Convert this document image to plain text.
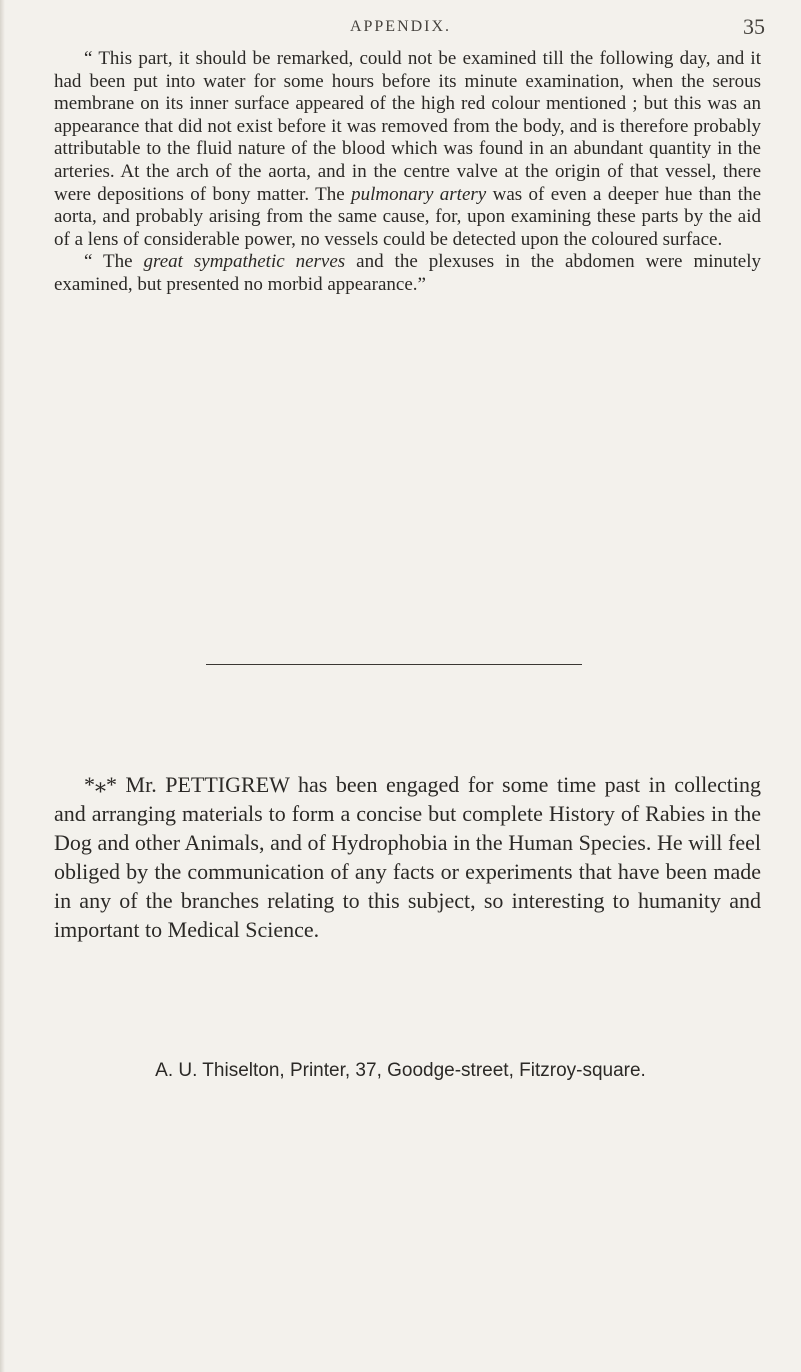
APPENDIX.	35

“ This part, it should be remarked, could not be examined till the following day, and it had been put into water for some hours before its minute examination, when the serous membrane on its inner surface appeared of the high red colour mentioned ; but this was an appearance that did not exist before it was removed from the body, and is therefore probably attributable to the fluid nature of the blood which was found in an abundant quantity in the arteries. At the arch of the aorta, and in the centre valve at the origin of that vessel, there were depositions of bony matter. The pulmonary artery was of even a deeper hue than the aorta, and probably arising from the same cause, for, upon examining these parts by the aid of a lens of considerable power, no vessels could be detected upon the coloured surface.

“ The great sympathetic nerves and the plexuses in the abdomen were minutely examined, but presented no morbid appearance.”

*⁎* Mr. PETTIGREW has been engaged for some time past in collecting and arranging materials to form a concise but complete History of Rabies in the Dog and other Animals, and of Hydrophobia in the Human Species. He will feel obliged by the communication of any facts or experiments that have been made in any of the branches relating to this subject, so interesting to humanity and important to Medical Science.

A. U. Thiselton, Printer, 37, Goodge-street, Fitzroy-square.
